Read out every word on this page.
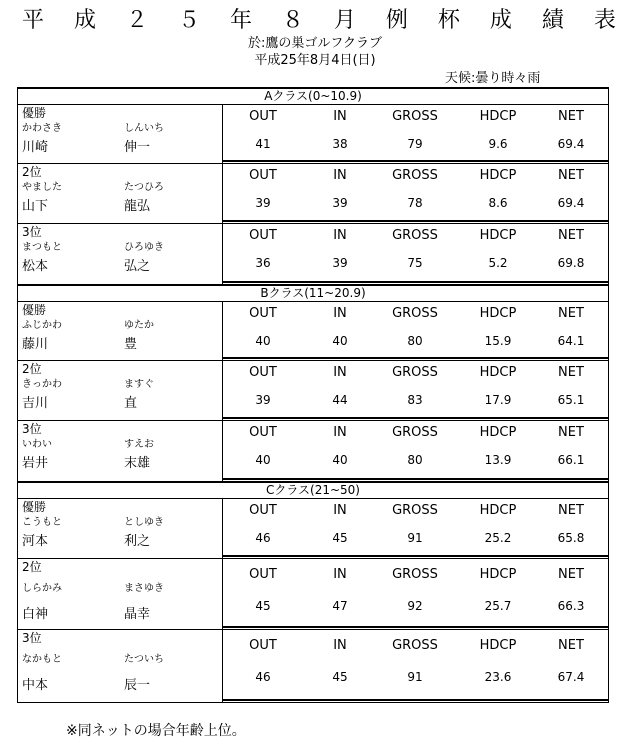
平 成 ２ ５ 年 ８ 月 例 杯 成 績 表
於:鷹の巣ゴルフクラブ
平成25年8月4日(日)
天候:曇り時々雨
Aクラス(0~10.9)
優勝
かわさき	しんいち
川崎	伸一
OUT
41
IN
38
GROSS
79
HDCP
9.6
NET
69.4
2位
やました	たつひろ
山下	龍弘
OUT
39
IN
39
GROSS
78
HDCP
8.6
NET
69.4
3位
まつもと	ひろゆき
松本	弘之
OUT
36
IN
39
GROSS
75
HDCP
5.2
NET
69.8
Bクラス(11~20.9)
優勝
ふじかわ	ゆたか
藤川	豊
OUT
40
IN
40
GROSS
80
HDCP
15.9
NET
64.1
2位
きっかわ	ますぐ
吉川	直
OUT
39
IN
44
GROSS
83
HDCP
17.9
NET
65.1
3位
いわい	すえお
岩井	末雄
OUT
40
IN
40
GROSS
80
HDCP
13.9
NET
66.1
Cクラス(21~50)
優勝
こうもと	としゆき
河本	利之
OUT
46
IN
45
GROSS
91
HDCP
25.2
NET
65.8
2位
しらかみ	まさゆき
白神	晶幸
OUT
45
IN
47
GROSS
92
HDCP
25.7
NET
66.3
3位
なかもと	たついち
中本	辰一
OUT
46
IN
45
GROSS
91
HDCP
23.6
NET
67.4
※同ネットの場合年齢上位。
